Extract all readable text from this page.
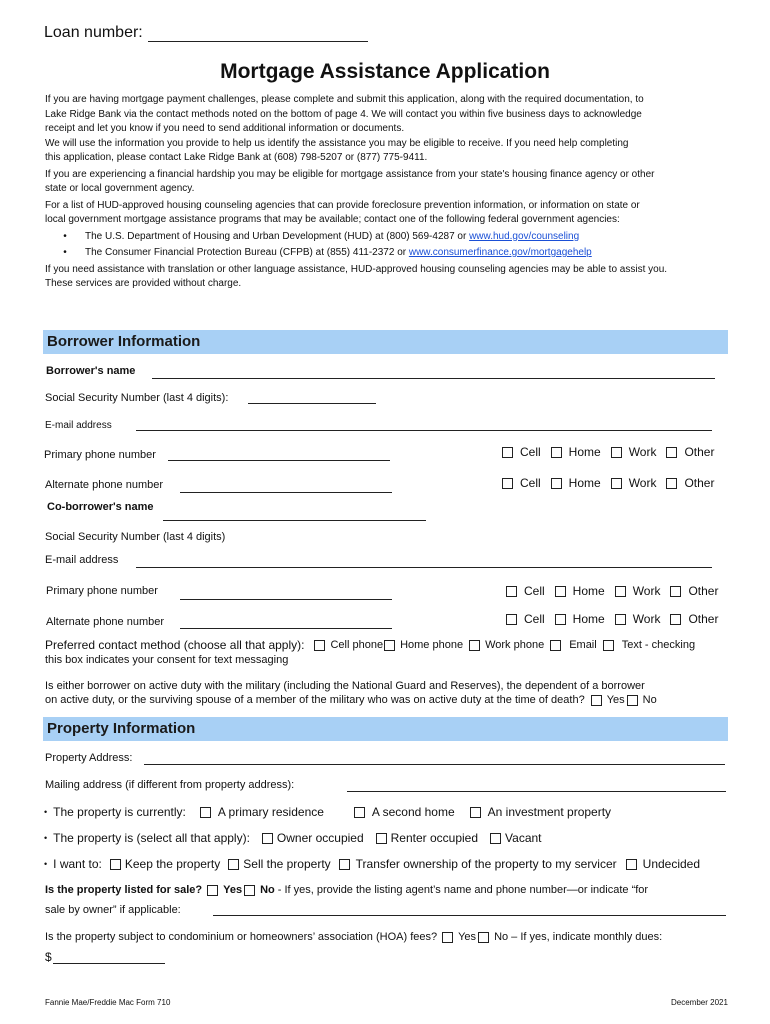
Loan number:
Mortgage Assistance Application

If you are having mortgage payment challenges, please complete and submit this application, along with the required documentation, to

Lake Ridge Bank via the contact methods noted on the bottom of page 4. We will contact you within five business days to acknowledge

receipt and let you know if you need to send additional information or documents.

We will use the information you provide to help us identify the assistance you may be eligible to receive. If you need help completing

this application, please contact Lake Ridge Bank at (608) 798-5207 or (877) 775-9411.

If you are experiencing a financial hardship you may be eligible for mortgage assistance from your state's housing finance agency or other

state or local government agency.

For a list of HUD-approved housing counseling agencies that can provide foreclosure prevention information, or information on state or

local government mortgage assistance programs that may be available; contact one of the following federal government agencies:

• The U.S. Department of Housing and Urban Development (HUD) at (800) 569-4287 or www.hud.gov/counseling

• The Consumer Financial Protection Bureau (CFPB) at (855) 411-2372 or www.consumerfinance.gov/mortgagehelp

If you need assistance with translation or other language assistance, HUD-approved housing counseling agencies may be able to assist you.

These services are provided without charge.

Borrower Information
Borrower's name
Social Security Number (last 4 digits):
E-mail address
Primary phone number	Cell Home Work Other
Alternate phone number	Cell Home Work Other
Co-borrower's name
Social Security Number (last 4 digits)
E-mail address
Primary phone number	Cell Home Work Other
Alternate phone number	Cell Home Work Other
Preferred contact method (choose all that apply): Cell phone Home phone Work phone Email Text - checking
this box indicates your consent for text messaging
Is either borrower on active duty with the military (including the National Guard and Reserves), the dependent of a borrower
on active duty, or the surviving spouse of a member of the military who was on active duty at the time of death? Yes No
Property Information
Property Address:
Mailing address (if different from property address):
• The property is currently:	A primary residence	A second home	An investment property
• The property is (select all that apply): Owner occupied Renter occupied Vacant
• I want to: Keep the property Sell the property Transfer ownership of the property to my servicer Undecided
Is the property listed for sale? Yes No - If yes, provide the listing agent’s name and phone number—or indicate “for
sale by owner” if applicable:
Is the property subject to condominium or homeowners’ association (HOA) fees? Yes No – If yes, indicate monthly dues:
$
Fannie Mae/Freddie Mac Form 710	December 2021
